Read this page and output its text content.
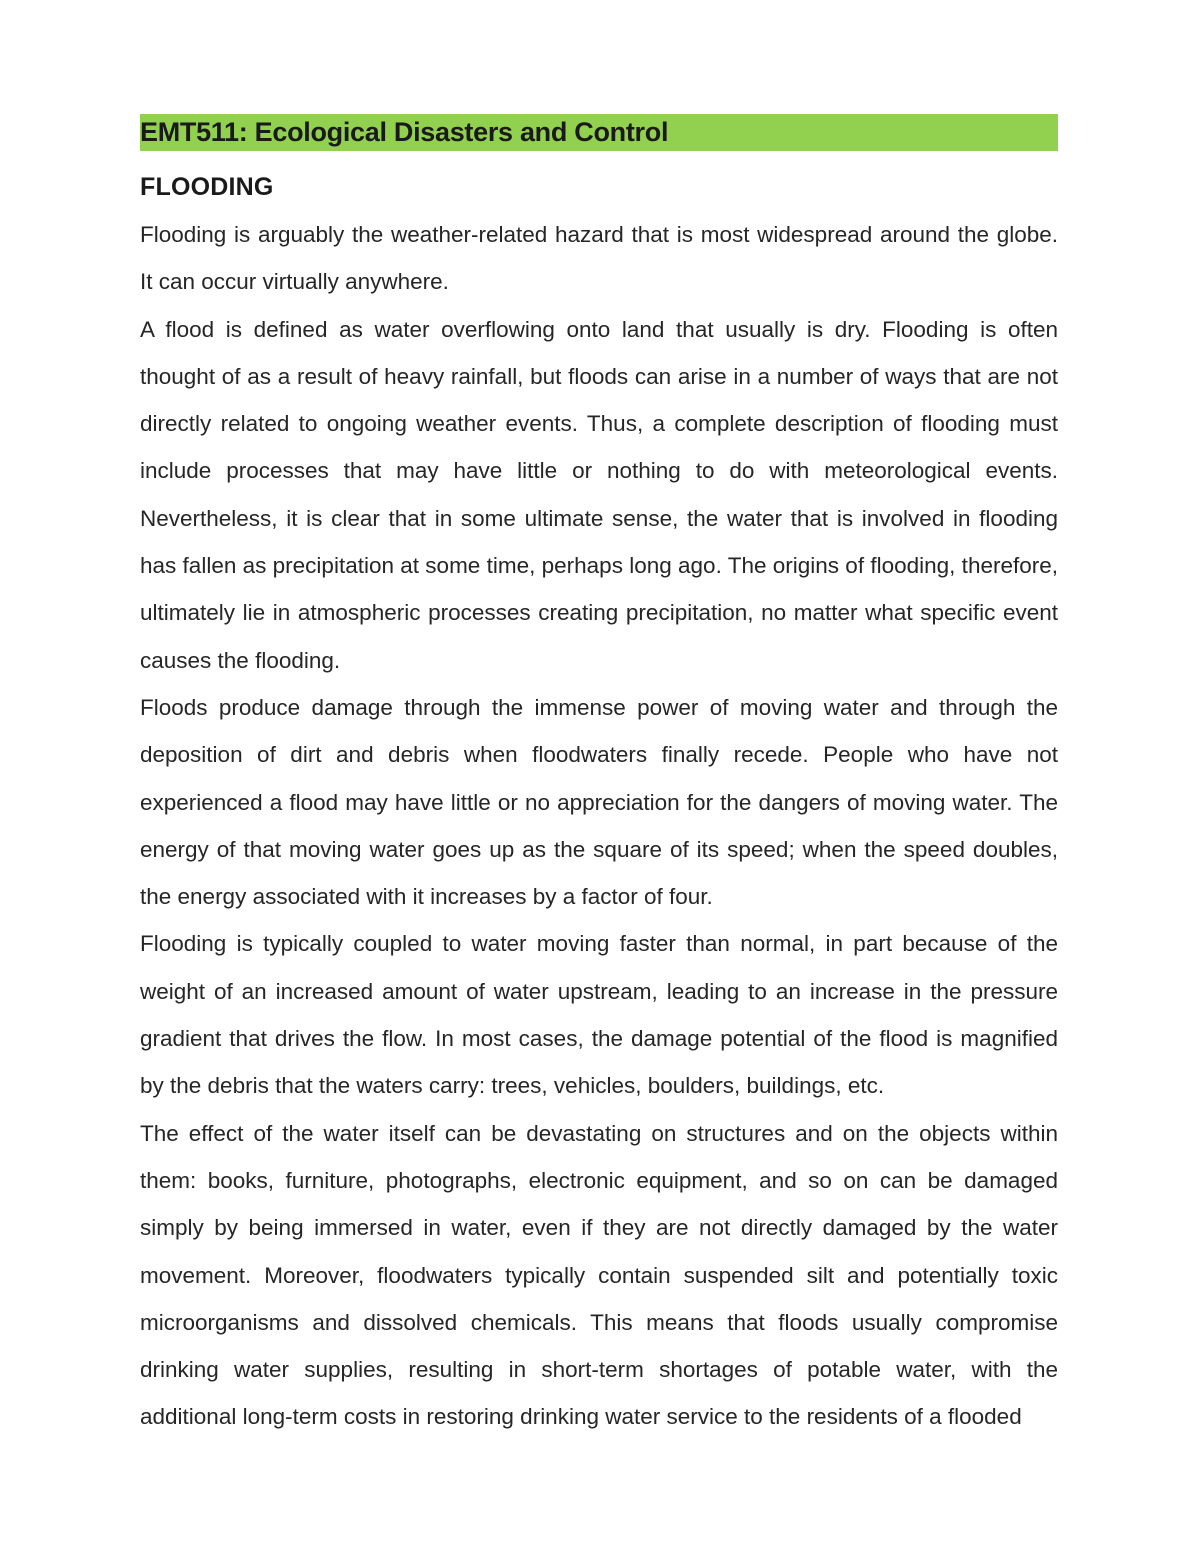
EMT511: Ecological Disasters and Control
FLOODING

Flooding is arguably the weather-related hazard that is most widespread around the globe. It can occur virtually anywhere.

A flood is defined as water overflowing onto land that usually is dry. Flooding is often thought of as a result of heavy rainfall, but floods can arise in a number of ways that are not directly related to ongoing weather events. Thus, a complete description of flooding must include processes that may have little or nothing to do with meteorological events. Nevertheless, it is clear that in some ultimate sense, the water that is involved in flooding has fallen as precipitation at some time, perhaps long ago. The origins of flooding, therefore, ultimately lie in atmospheric processes creating precipitation, no matter what specific event causes the flooding.

Floods produce damage through the immense power of moving water and through the deposition of dirt and debris when floodwaters finally recede. People who have not experienced a flood may have little or no appreciation for the dangers of moving water. The energy of that moving water goes up as the square of its speed; when the speed doubles, the energy associated with it increases by a factor of four.

Flooding is typically coupled to water moving faster than normal, in part because of the weight of an increased amount of water upstream, leading to an increase in the pressure gradient that drives the flow. In most cases, the damage potential of the flood is magnified by the debris that the waters carry: trees, vehicles, boulders, buildings, etc.

The effect of the water itself can be devastating on structures and on the objects within them: books, furniture, photographs, electronic equipment, and so on can be damaged simply by being immersed in water, even if they are not directly damaged by the water movement. Moreover, floodwaters typically contain suspended silt and potentially toxic microorganisms and dissolved chemicals. This means that floods usually compromise drinking water supplies, resulting in short-term shortages of potable water, with the additional long-term costs in restoring drinking water service to the residents of a flooded
